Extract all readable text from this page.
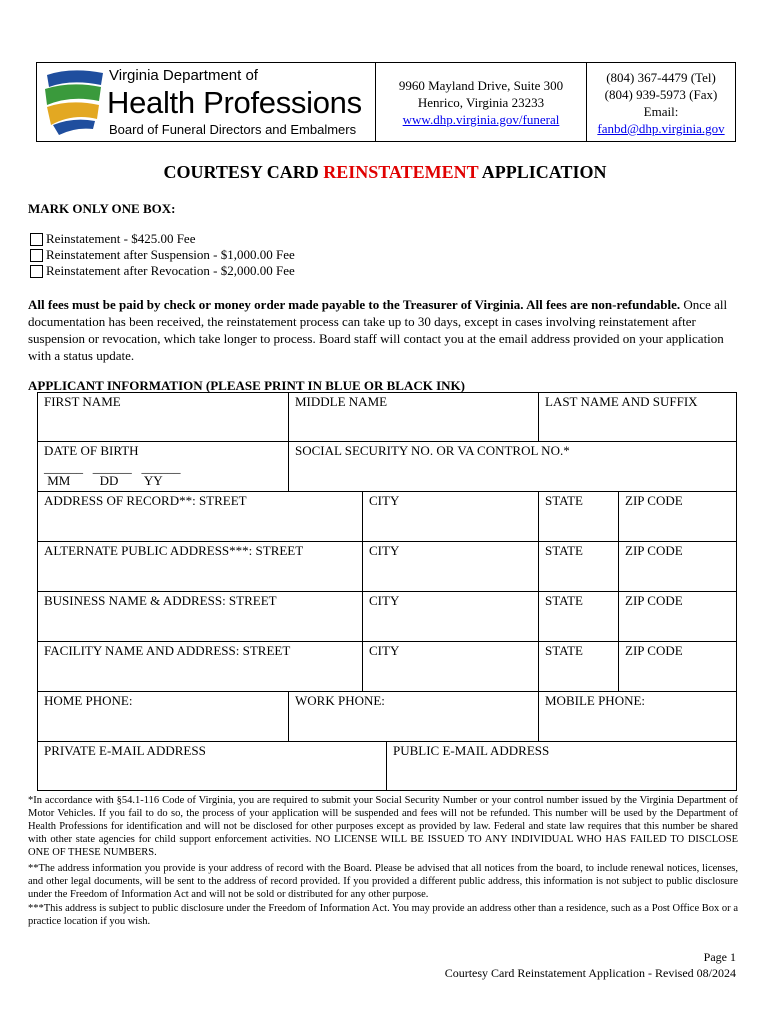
Virginia Department of
Health Professions
Board of Funeral Directors and Embalmers
9960 Mayland Drive, Suite 300
Henrico, Virginia 23233
www.dhp.virginia.gov/funeral
(804) 367-4479 (Tel)
(804) 939-5973 (Fax)
Email:
fanbd@dhp.virginia.gov
COURTESY CARD REINSTATEMENT APPLICATION
MARK ONLY ONE BOX:
Reinstatement - $425.00 Fee
Reinstatement after Suspension - $1,000.00 Fee
Reinstatement after Revocation - $2,000.00 Fee
All fees must be paid by check or money order made payable to the Treasurer of Virginia. All fees are non-refundable. Once all documentation has been received, the reinstatement process can take up to 30 days, except in cases involving reinstatement after suspension or revocation, which take longer to process. Board staff will contact you at the email address provided on your application with a status update.
APPLICANT INFORMATION (PLEASE PRINT IN BLUE OR BLACK INK)
FIRST NAME	MIDDLE NAME	LAST NAME AND SUFFIX
DATE OF BIRTH
______   ______   ______
MM         DD        YY
SOCIAL SECURITY NO. OR VA CONTROL NO.*
ADDRESS OF RECORD**: STREET	CITY	STATE	ZIP CODE
ALTERNATE PUBLIC ADDRESS***: STREET	CITY	STATE	ZIP CODE
BUSINESS NAME & ADDRESS: STREET	CITY	STATE	ZIP CODE
FACILITY NAME AND ADDRESS: STREET	CITY	STATE	ZIP CODE
HOME PHONE:	WORK PHONE:	MOBILE PHONE:
PRIVATE E-MAIL ADDRESS	PUBLIC E-MAIL ADDRESS
*In accordance with §54.1-116 Code of Virginia, you are required to submit your Social Security Number or your control number issued by the Virginia Department of Motor Vehicles. If you fail to do so, the process of your application will be suspended and fees will not be refunded. This number will be used by the Department of Health Professions for identification and will not be disclosed for other purposes except as provided by law. Federal and state law requires that this number be shared with other state agencies for child support enforcement activities. NO LICENSE WILL BE ISSUED TO ANY INDIVIDUAL WHO HAS FAILED TO DISCLOSE ONE OF THESE NUMBERS.
**The address information you provide is your address of record with the Board. Please be advised that all notices from the board, to include renewal notices, licenses, and other legal documents, will be sent to the address of record provided. If you provided a different public address, this information is not subject to public disclosure under the Freedom of Information Act and will not be sold or distributed for any other purpose.
***This address is subject to public disclosure under the Freedom of Information Act. You may provide an address other than a residence, such as a Post Office Box or a practice location if you wish.
Page 1
Courtesy Card Reinstatement Application - Revised 08/2024
